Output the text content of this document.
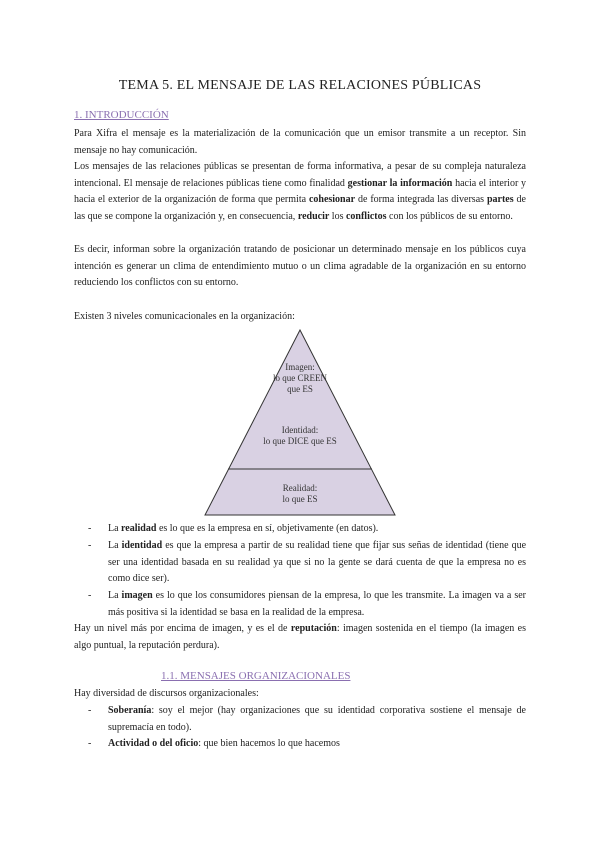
TEMA 5. EL MENSAJE DE LAS RELACIONES PÚBLICAS
1. INTRODUCCIÓN
Para Xifra el mensaje es la materialización de la comunicación que un emisor transmite a un receptor. Sin mensaje no hay comunicación.
Los mensajes de las relaciones públicas se presentan de forma informativa, a pesar de su compleja naturaleza intencional. El mensaje de relaciones públicas tiene como finalidad gestionar la información hacia el interior y hacia el exterior de la organización de forma que permita cohesionar de forma integrada las diversas partes de las que se compone la organización y, en consecuencia, reducir los conflictos con los públicos de su entorno.
Es decir, informan sobre la organización tratando de posicionar un determinado mensaje en los públicos cuya intención es generar un clima de entendimiento mutuo o un clima agradable de la organización en su entorno reduciendo los conflictos con su entorno.
Existen 3 niveles comunicacionales en la organización:
Imagen:
lo que CREEN
que ES
Identidad:
lo que DICE que ES
Realidad:
lo que ES
- La realidad es lo que es la empresa en sí, objetivamente (en datos).
- La identidad es que la empresa a partir de su realidad tiene que fijar sus señas de identidad (tiene que ser una identidad basada en su realidad ya que si no la gente se dará cuenta de que la empresa no es como dice ser).
- La imagen es lo que los consumidores piensan de la empresa, lo que les transmite. La imagen va a ser más positiva si la identidad se basa en la realidad de la empresa.
Hay un nivel más por encima de imagen, y es el de reputación: imagen sostenida en el tiempo (la imagen es algo puntual, la reputación perdura).
1.1. MENSAJES ORGANIZACIONALES
Hay diversidad de discursos organizacionales:
- Soberanía: soy el mejor (hay organizaciones que su identidad corporativa sostiene el mensaje de supremacía en todo).
- Actividad o del oficio: que bien hacemos lo que hacemos
